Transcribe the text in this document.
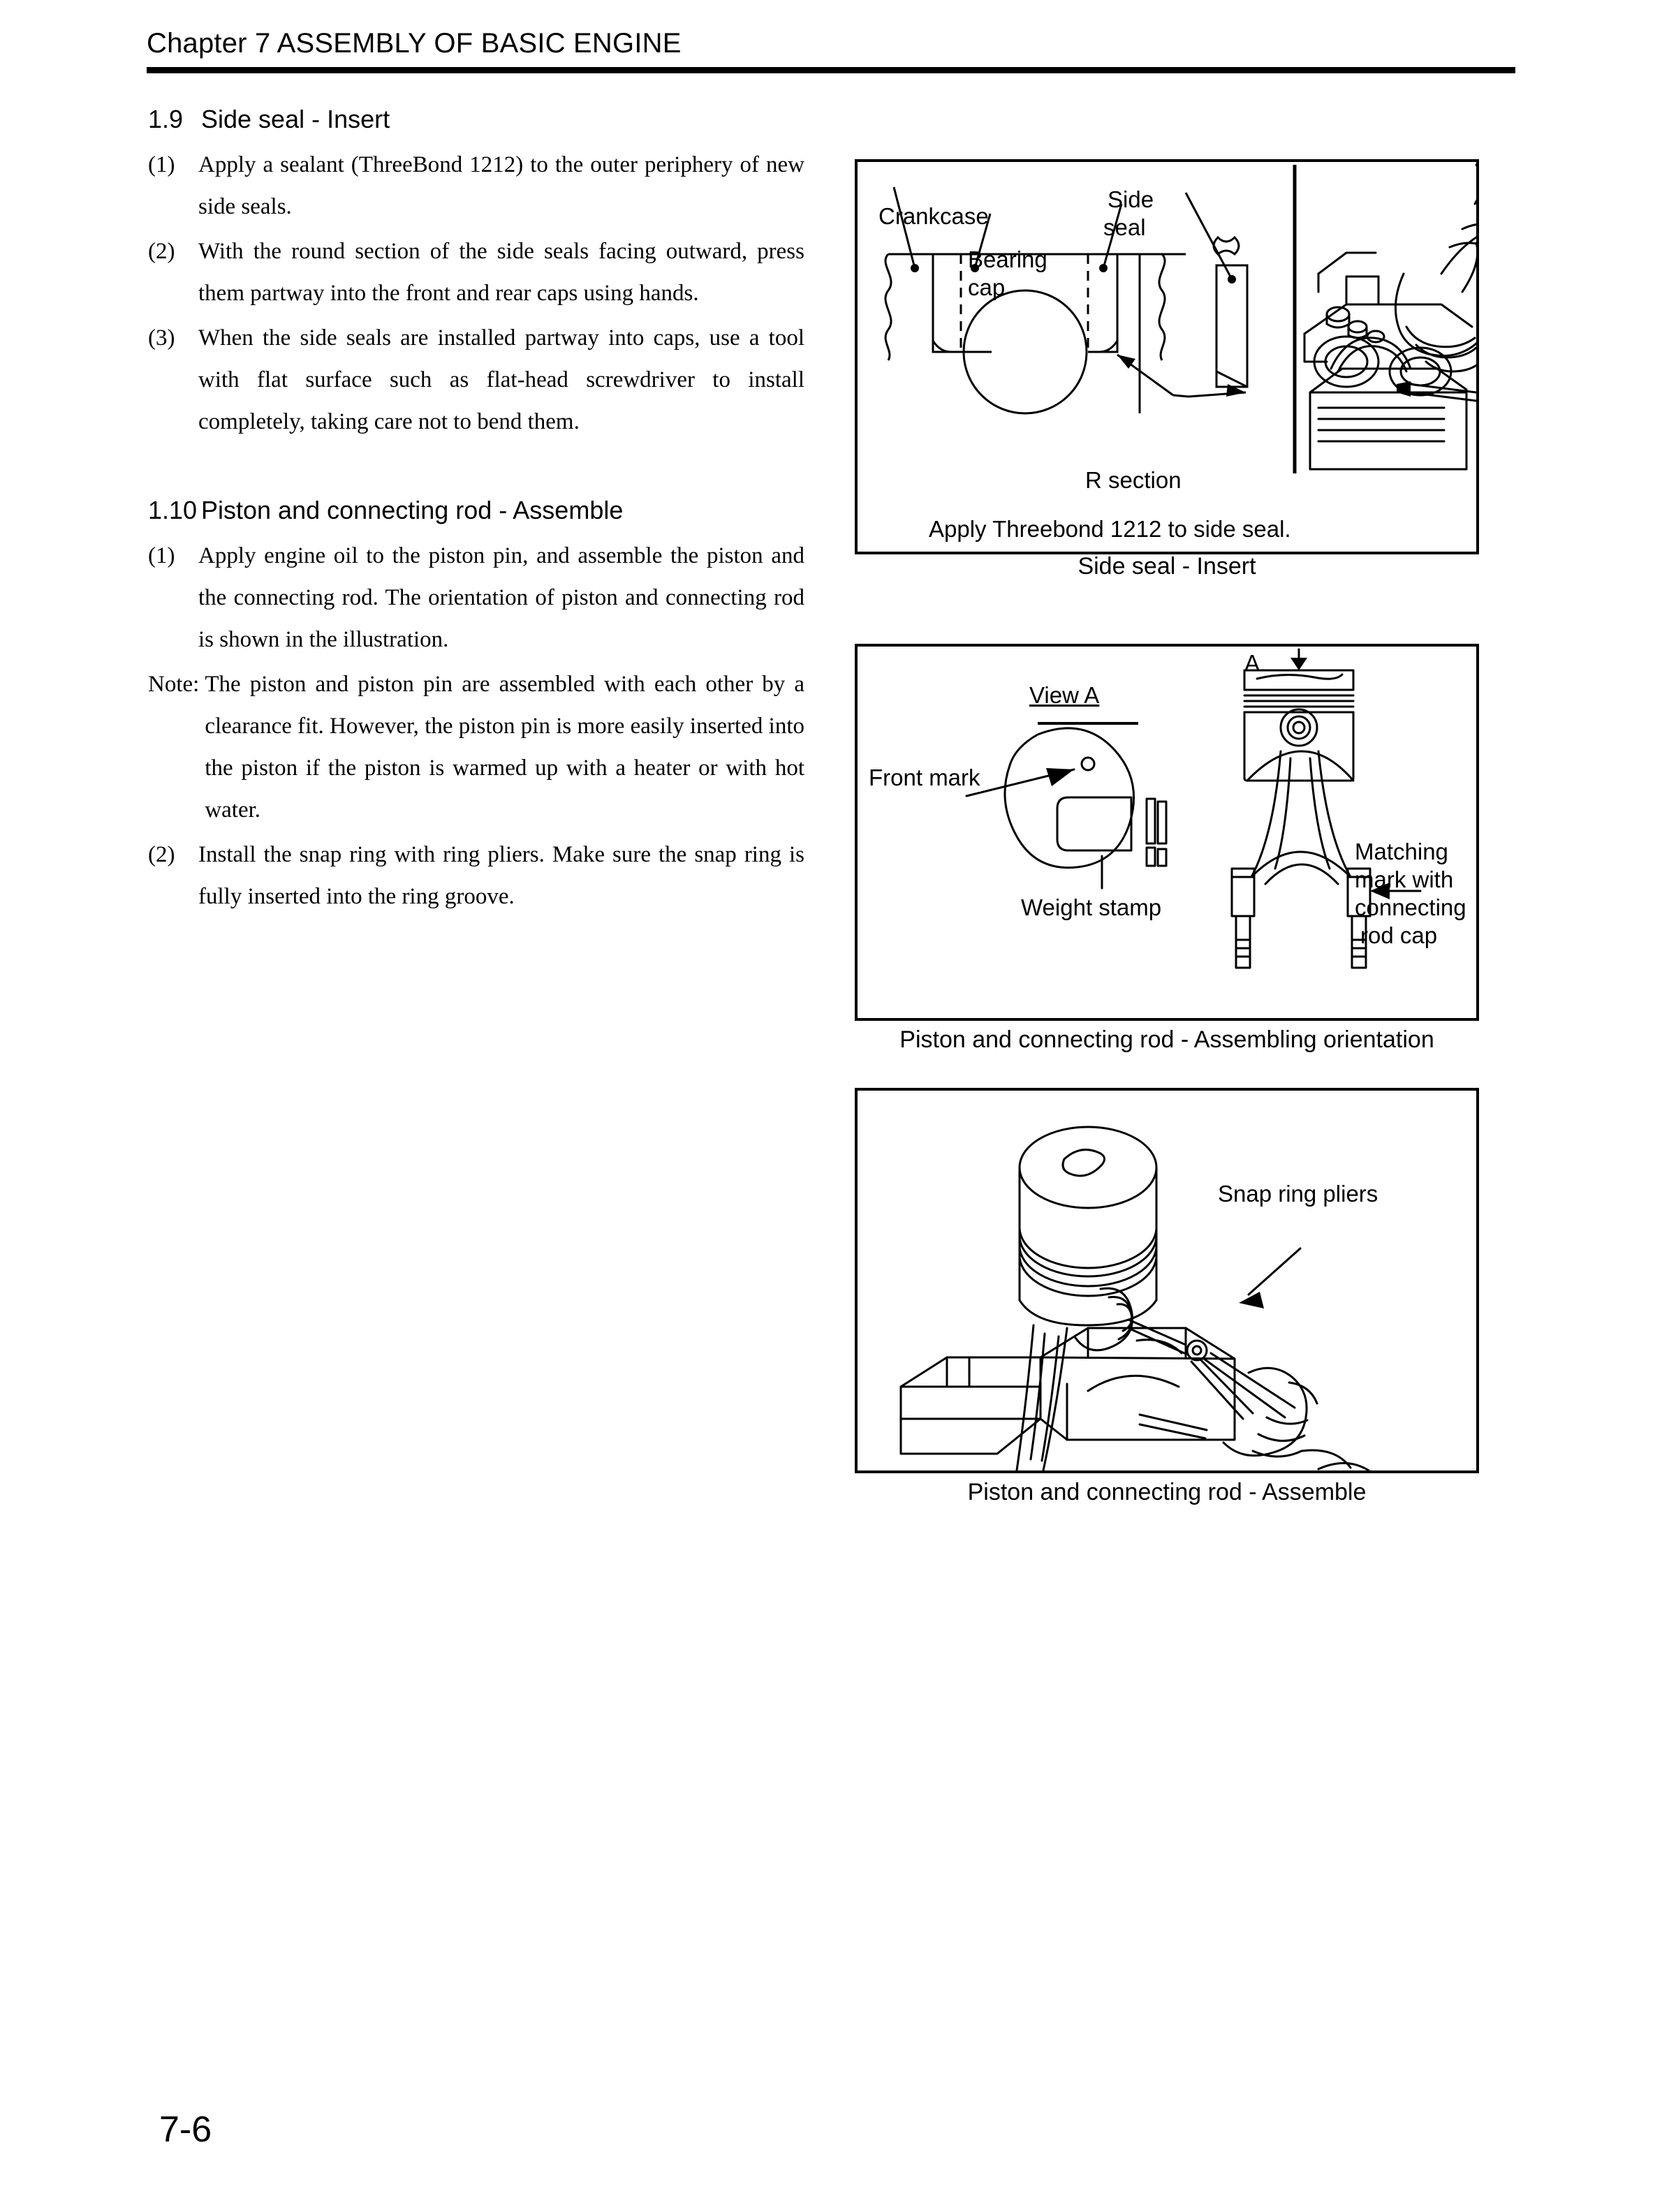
Chapter 7 ASSEMBLY OF BASIC ENGINE
1.9 Side seal - Insert
(1)	Apply a sealant (ThreeBond 1212) to the outer periphery of new side seals.
(2)	With the round section of the side seals facing outward, press them partway into the front and rear caps using hands.
(3)	When the side seals are installed partway into caps, use a tool with flat surface such as flat-head screwdriver to install completely, taking care not to bend them.
1.10 Piston and connecting rod - Assemble
(1)	Apply engine oil to the piston pin, and assemble the piston and the connecting rod. The orientation of piston and connecting rod is shown in the illustration.
Note: The piston and piston pin are assembled with each other by a clearance fit. However, the piston pin is more easily inserted into the piston if the piston is warmed up with a heater or with hot water.
(2)	Install the snap ring with ring pliers. Make sure the snap ring is fully inserted into the ring groove.
Crankcase
Bearing
cap
Side
seal
R section
Apply Threebond 1212 to side seal.
Side seal - Insert
View A
Front mark
Weight stamp
A
Matching
mark with
connecting
rod cap
Piston and connecting rod - Assembling orientation
Snap ring pliers
Piston and connecting rod - Assemble
7-6
